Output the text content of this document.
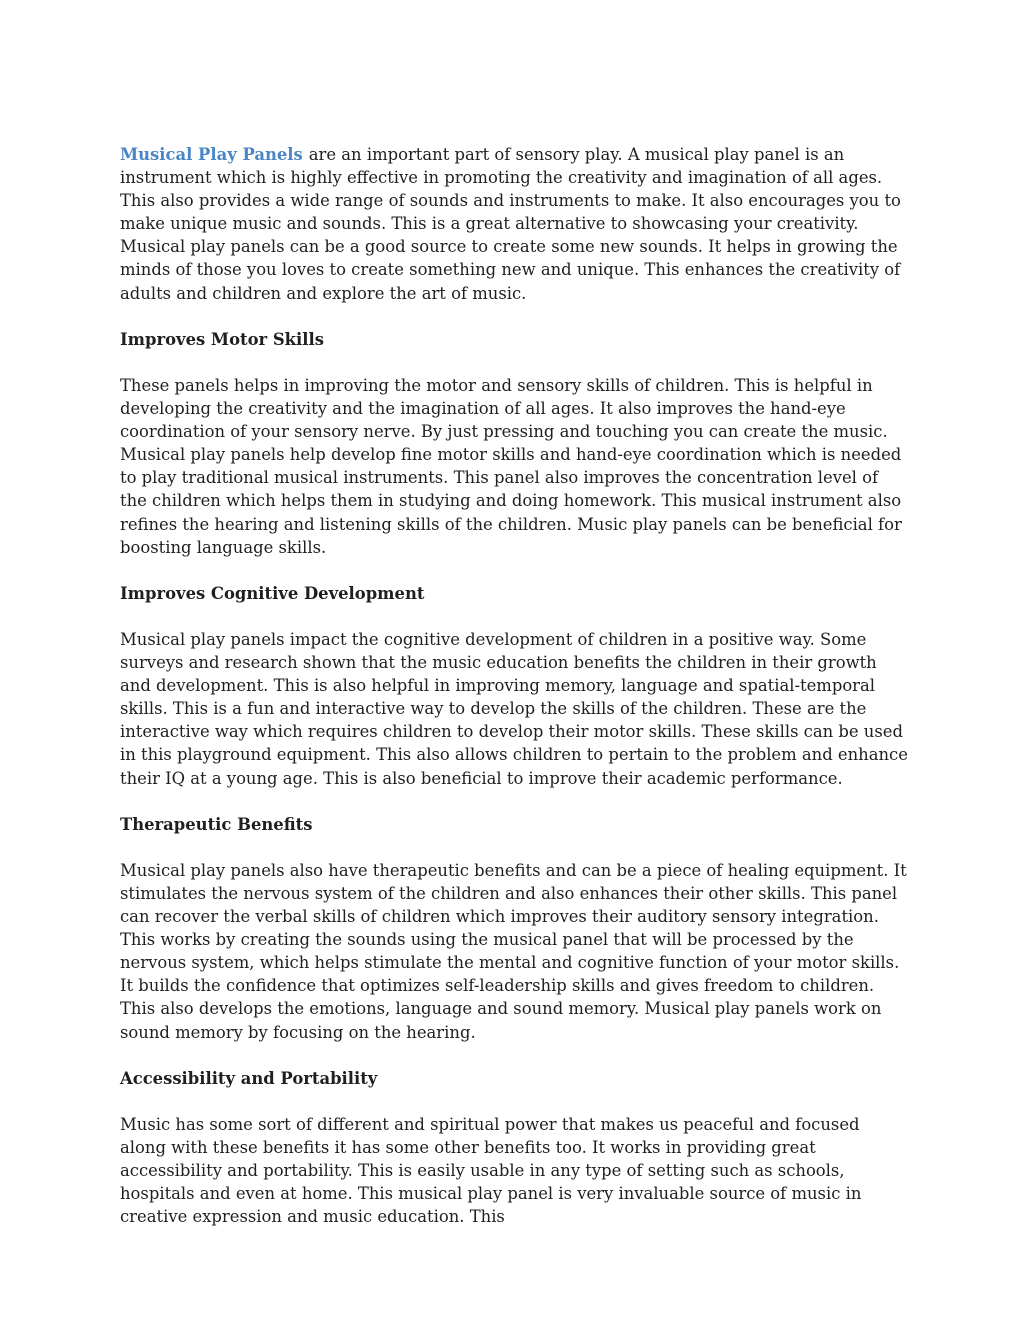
Musical Play Panels are an important part of sensory play. A musical play panel is an instrument which is highly effective in promoting the creativity and imagination of all ages. This also provides a wide range of sounds and instruments to make. It also encourages you to make unique music and sounds. This is a great alternative to showcasing your creativity. Musical play panels can be a good source to create some new sounds. It helps in growing the minds of those you loves to create something new and unique. This enhances the creativity of adults and children and explore the art of music.

Improves Motor Skills

These panels helps in improving the motor and sensory skills of children. This is helpful in developing the creativity and the imagination of all ages. It also improves the hand-eye coordination of your sensory nerve. By just pressing and touching you can create the music. Musical play panels help develop fine motor skills and hand-eye coordination which is needed to play traditional musical instruments. This panel also improves the concentration level of the children which helps them in studying and doing homework. This musical instrument also refines the hearing and listening skills of the children. Music play panels can be beneficial for boosting language skills.

Improves Cognitive Development

Musical play panels impact the cognitive development of children in a positive way. Some surveys and research shown that the music education benefits the children in their growth and development. This is also helpful in improving memory, language and spatial-temporal skills. This is a fun and interactive way to develop the skills of the children. These are the interactive way which requires children to develop their motor skills. These skills can be used in this playground equipment. This also allows children to pertain to the problem and enhance their IQ at a young age. This is also beneficial to improve their academic performance.

Therapeutic Benefits

Musical play panels also have therapeutic benefits and can be a piece of healing equipment. It stimulates the nervous system of the children and also enhances their other skills. This panel can recover the verbal skills of children which improves their auditory sensory integration. This works by creating the sounds using the musical panel that will be processed by the nervous system, which helps stimulate the mental and cognitive function of your motor skills. It builds the confidence that optimizes self-leadership skills and gives freedom to children. This also develops the emotions, language and sound memory. Musical play panels work on sound memory by focusing on the hearing.

Accessibility and Portability

Music has some sort of different and spiritual power that makes us peaceful and focused along with these benefits it has some other benefits too. It works in providing great accessibility and portability. This is easily usable in any type of setting such as schools, hospitals and even at home. This musical play panel is very invaluable source of music in creative expression and music education. This
